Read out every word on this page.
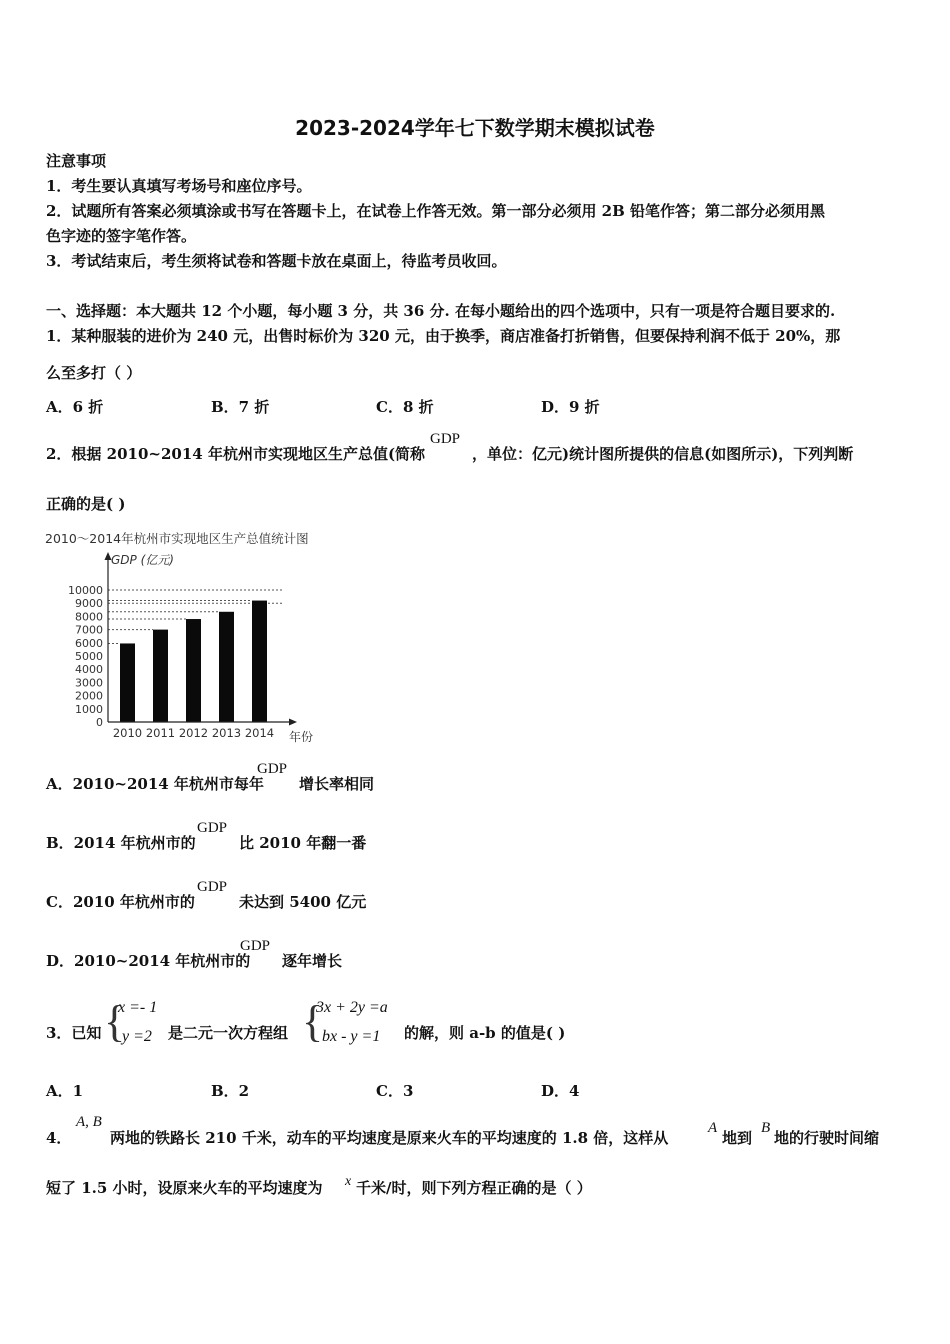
2023-2024学年七下数学期末模拟试卷
注意事项
1．考生要认真填写考场号和座位序号。
2．试题所有答案必须填涂或书写在答题卡上，在试卷上作答无效。第一部分必须用 2B 铅笔作答；第二部分必须用黑
色字迹的签字笔作答。
3．考试结束后，考生须将试卷和答题卡放在桌面上，待监考员收回。
一、选择题：本大题共 12 个小题，每小题 3 分，共 36 分. 在每小题给出的四个选项中，只有一项是符合题目要求的.
1．某种服装的进价为 240 元，出售时标价为 320 元，由于换季，商店准备打折销售，但要保持利润不低于 20%，那
么至多打（ ）
A．6 折	B．7 折	C．8 折	D．9 折
2．根据 2010~2014 年杭州市实现地区生产总值(简称
GDP
，单位：亿元)统计图所提供的信息(如图所示)，下列判断
正确的是( )
2010～2014年杭州市实现地区生产总值统计图
GDP (亿元)
0
1000
2000
3000
4000
5000
6000
7000
8000
9000
10000
2010 2011 2012 2013 2014 年份
A．2010~2014 年杭州市每年
GDP
增长率相同
B．2014 年杭州市的
GDP
比 2010 年翻一番
C．2010 年杭州市的
GDP
未达到 5400 亿元
D．2010~2014 年杭州市的
GDP
逐年增长
3．已知 {
x =- 1
y =2 是二元一次方程组 {
3x + 2y =a
bx - y =1 的解，则 a-b 的值是( )
A．1	B．2	C．3	D．4
4．
A, B
两地的铁路长 210 千米，动车的平均速度是原来火车的平均速度的 1.8 倍，这样从
A
地到
B
地的行驶时间缩
短了 1.5 小时，设原来火车的平均速度为 x 千米/时，则下列方程正确的是（ ）
